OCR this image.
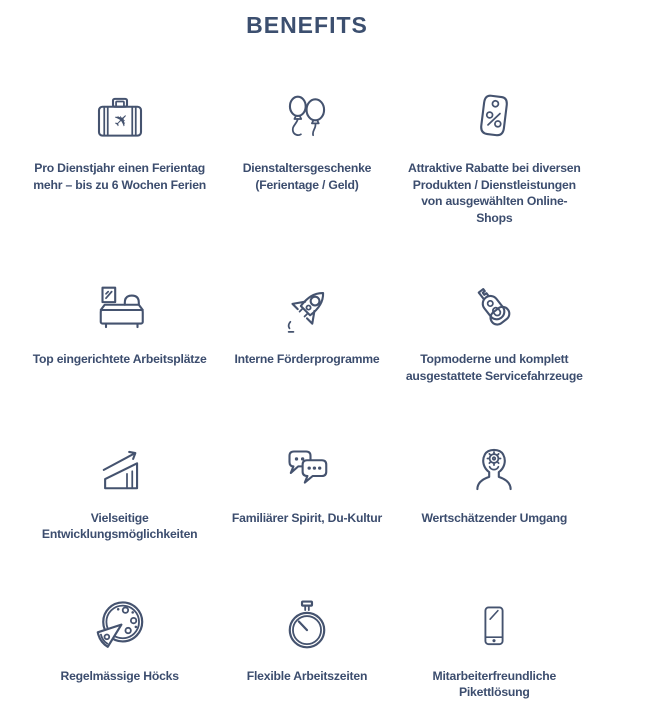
BENEFITS
✈
Pro Dienstjahr einen Ferientag mehr – bis zu 6 Wochen Ferien
Dienstaltersgeschenke (Ferientage / Geld)
Attraktive Rabatte bei diversen Produkten / Dienstleistungen von ausgewählten Online-Shops
Top eingerichtete Arbeitsplätze Interne Förderprogramme	Topmoderne und komplett ausgestattete Servicefahrzeuge
Vielseitige Entwicklungsmöglichkeiten
Familiärer Spirit, Du-Kultur	Wertschätzender Umgang
Regelmässige Höcks	Flexible Arbeitszeiten	Mitarbeiterfreundliche Pikettlösung
